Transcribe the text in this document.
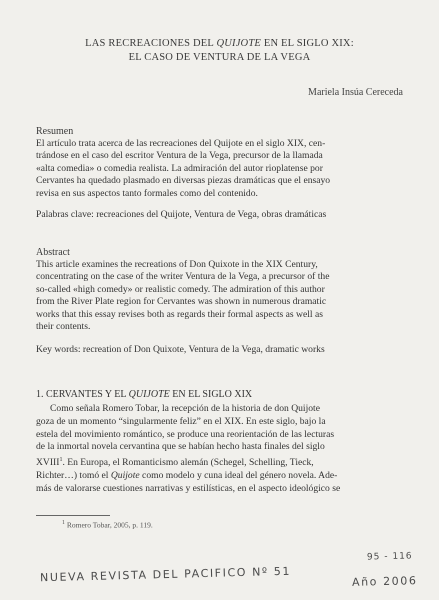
LAS RECREACIONES DEL QUIJOTE EN EL SIGLO XIX:
EL CASO DE VENTURA DE LA VEGA
Mariela Insúa Cereceda
Resumen
El artículo trata acerca de las recreaciones del Quijote en el siglo XIX, cen-
trándose en el caso del escritor Ventura de la Vega, precursor de la llamada
«alta comedia» o comedia realista. La admiración del autor rioplatense por
Cervantes ha quedado plasmado en diversas piezas dramáticas que el ensayo
revisa en sus aspectos tanto formales como del contenido.
Palabras clave: recreaciones del Quijote, Ventura de Vega, obras dramáticas
Abstract
This article examines the recreations of Don Quixote in the XIX Century,
concentrating on the case of the writer Ventura de la Vega, a precursor of the
so-called «high comedy» or realistic comedy. The admiration of this author
from the River Plate region for Cervantes was shown in numerous dramatic
works that this essay revises both as regards their formal aspects as well as
their contents.
Key words: recreation of Don Quixote, Ventura de la Vega, dramatic works
1. CERVANTES Y EL QUIJOTE EN EL SIGLO XIX
Como señala Romero Tobar, la recepción de la historia de don Quijote
goza de un momento “singularmente feliz” en el XIX. En este siglo, bajo la
estela del movimiento romántico, se produce una reorientación de las lecturas
de la inmortal novela cervantina que se habían hecho hasta finales del siglo
XVIII$^1$. En Europa, el Romanticismo alemán (Schegel, Schelling, Tieck,
Richter…) tomó el Quijote como modelo y cuna ideal del género novela. Ade-
más de valorarse cuestiones narrativas y estilísticas, en el aspecto ideológico se
$^1$ Romero Tobar, 2005, p. 119.
95 - 116
NUEVA REVISTA DEL PACIFICO Nº 51	Año 2006
